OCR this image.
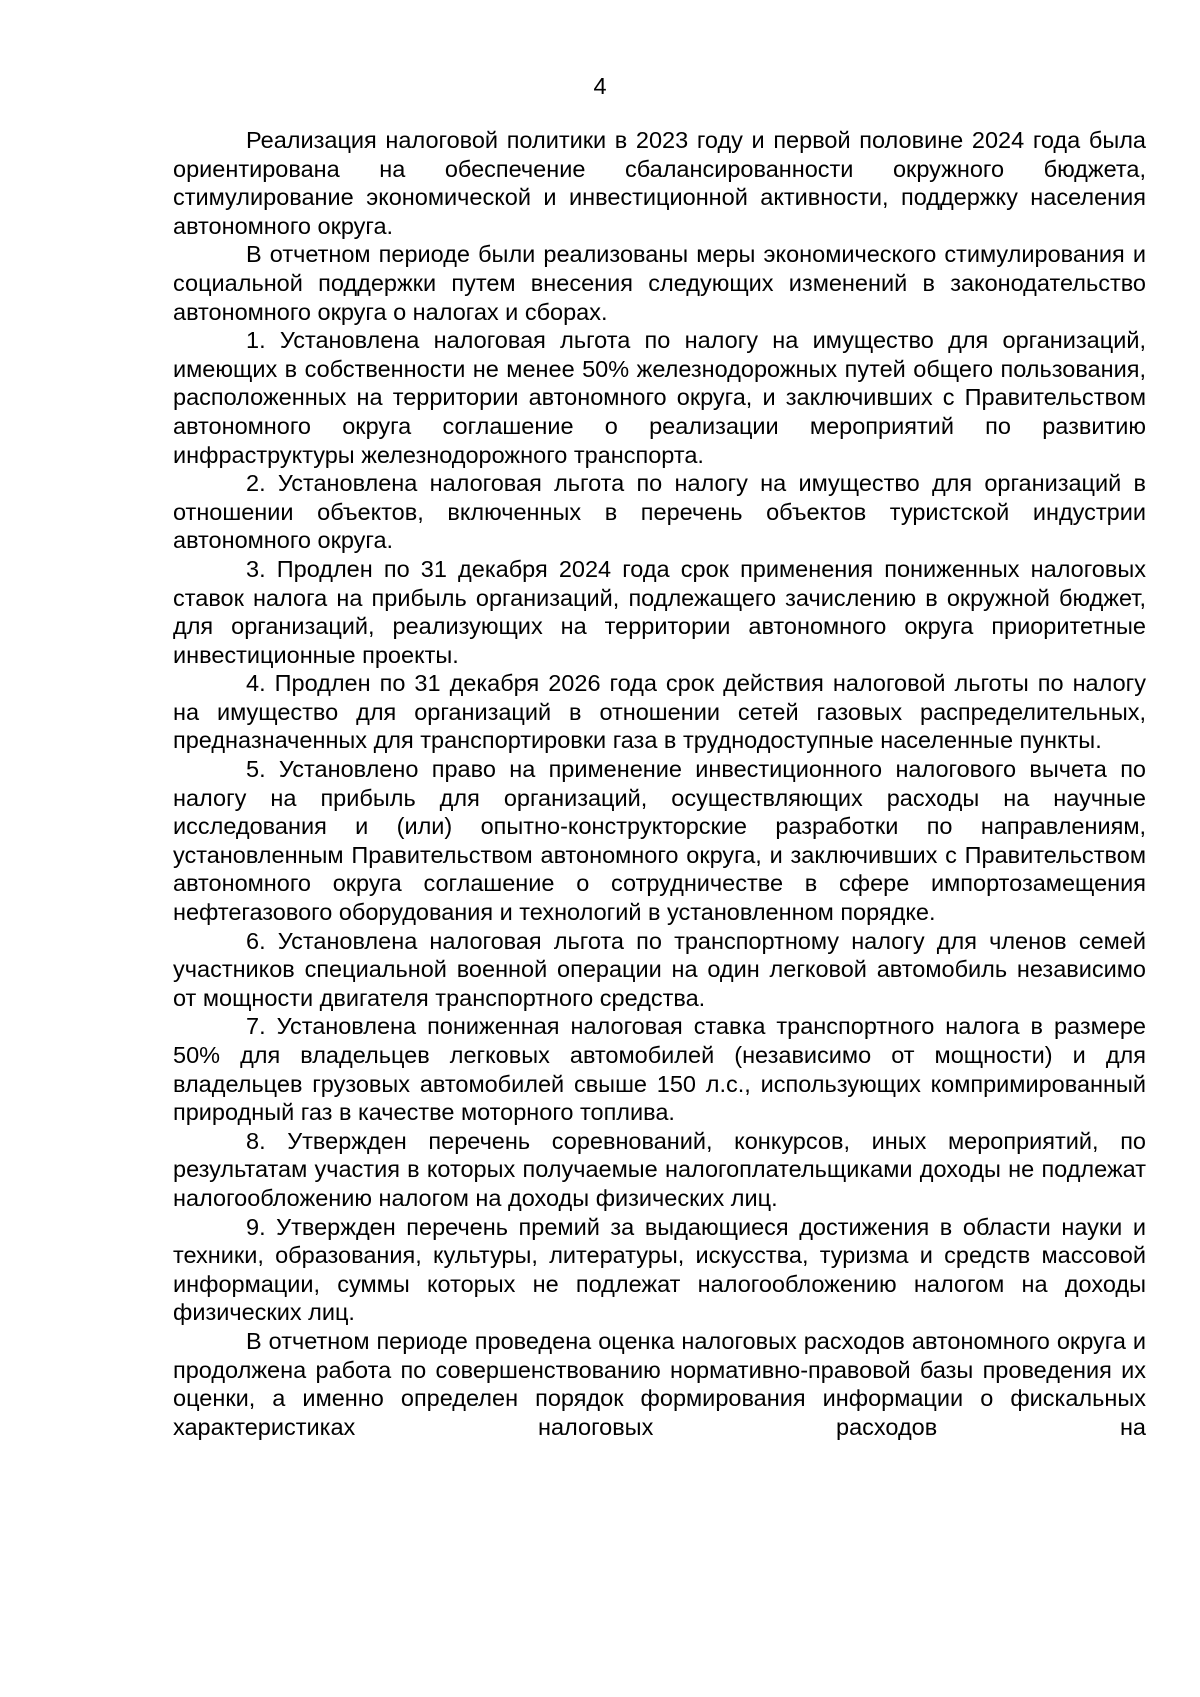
4

Реализация налоговой политики в 2023 году и первой половине 2024 года была ориентирована на обеспечение сбалансированности окружного бюджета, стимулирование экономической и инвестиционной активности, поддержку населения автономного округа.

В отчетном периоде были реализованы меры экономического стимулирования и социальной поддержки путем внесения следующих изменений в законодательство автономного округа о налогах и сборах.

1. Установлена налоговая льгота по налогу на имущество для организаций, имеющих в собственности не менее 50% железнодорожных путей общего пользования, расположенных на территории автономного округа, и заключивших с Правительством автономного округа соглашение о реализации мероприятий по развитию инфраструктуры железнодорожного транспорта.

2. Установлена налоговая льгота по налогу на имущество для организаций в отношении объектов, включенных в перечень объектов туристской индустрии автономного округа.

3. Продлен по 31 декабря 2024 года срок применения пониженных налоговых ставок налога на прибыль организаций, подлежащего зачислению в окружной бюджет, для организаций, реализующих на территории автономного округа приоритетные инвестиционные проекты.

4. Продлен по 31 декабря 2026 года срок действия налоговой льготы по налогу на имущество для организаций в отношении сетей газовых распределительных, предназначенных для транспортировки газа в труднодоступные населенные пункты.

5. Установлено право на применение инвестиционного налогового вычета по налогу на прибыль для организаций, осуществляющих расходы на научные исследования и (или) опытно-конструкторские разработки по направлениям, установленным Правительством автономного округа, и заключивших с Правительством автономного округа соглашение о сотрудничестве в сфере импортозамещения нефтегазового оборудования и технологий в установленном порядке.

6. Установлена налоговая льгота по транспортному налогу для членов семей участников специальной военной операции на один легковой автомобиль независимо от мощности двигателя транспортного средства.

7. Установлена пониженная налоговая ставка транспортного налога в размере 50% для владельцев легковых автомобилей (независимо от мощности) и для владельцев грузовых автомобилей свыше 150 л.с., использующих компримированный природный газ в качестве моторного топлива.

8. Утвержден перечень соревнований, конкурсов, иных мероприятий, по результатам участия в которых получаемые налогоплательщиками доходы не подлежат налогообложению налогом на доходы физических лиц.

9. Утвержден перечень премий за выдающиеся достижения в области науки и техники, образования, культуры, литературы, искусства, туризма и средств массовой информации, суммы которых не подлежат налогообложению налогом на доходы физических лиц.

В отчетном периоде проведена оценка налоговых расходов автономного округа и продолжена работа по совершенствованию нормативно-правовой базы проведения их оценки, а именно определен порядок формирования информации о фискальных характеристиках налоговых расходов на
